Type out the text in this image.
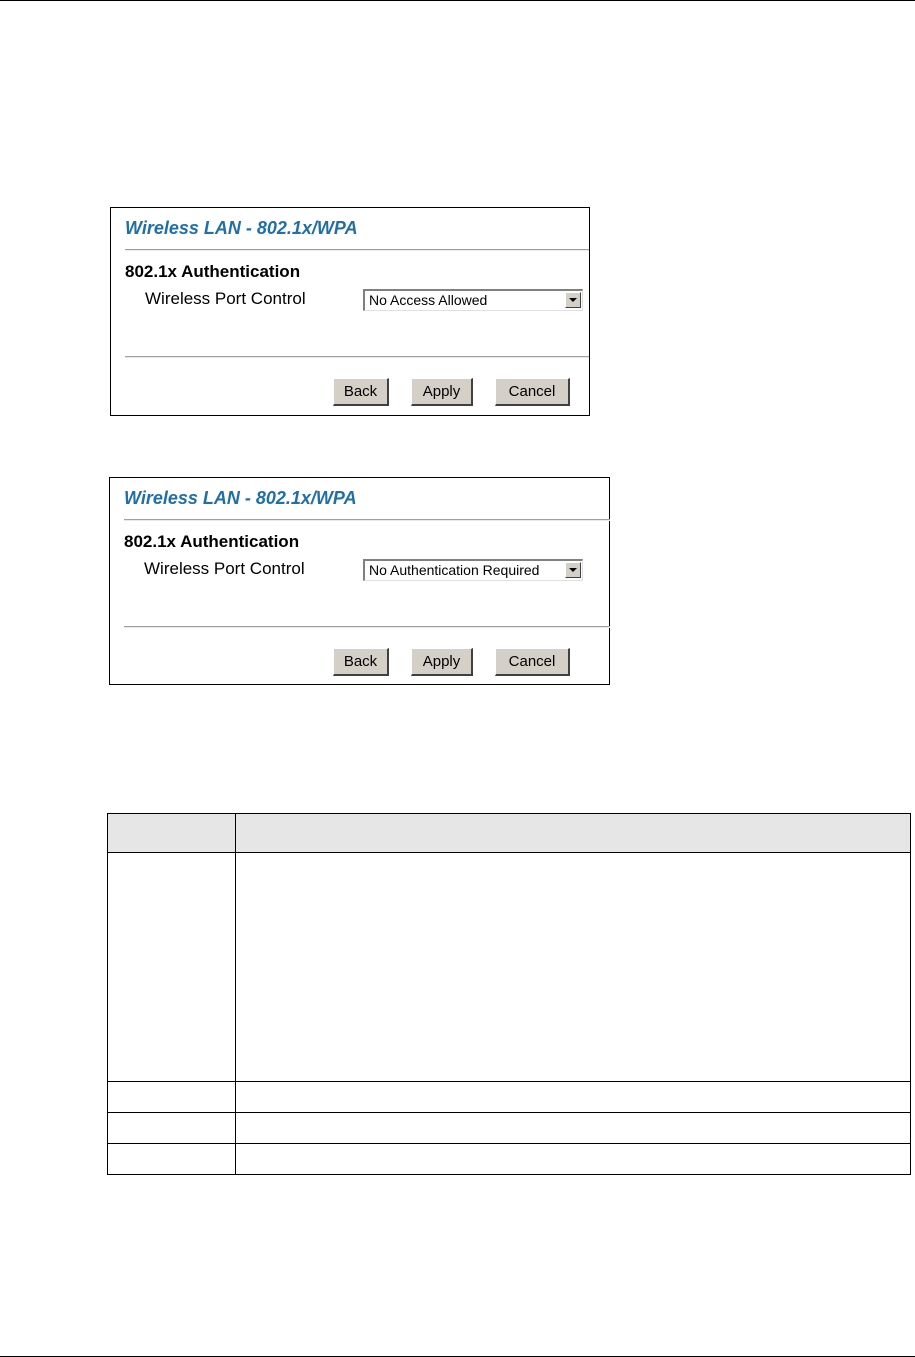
Wireless LAN - 802.1x/WPA
802.1x Authentication
Wireless Port Control	No Access Allowed
Back	Apply	Cancel
Wireless LAN - 802.1x/WPA
802.1x Authentication
Wireless Port Control	No Authentication Required
Back	Apply	Cancel
